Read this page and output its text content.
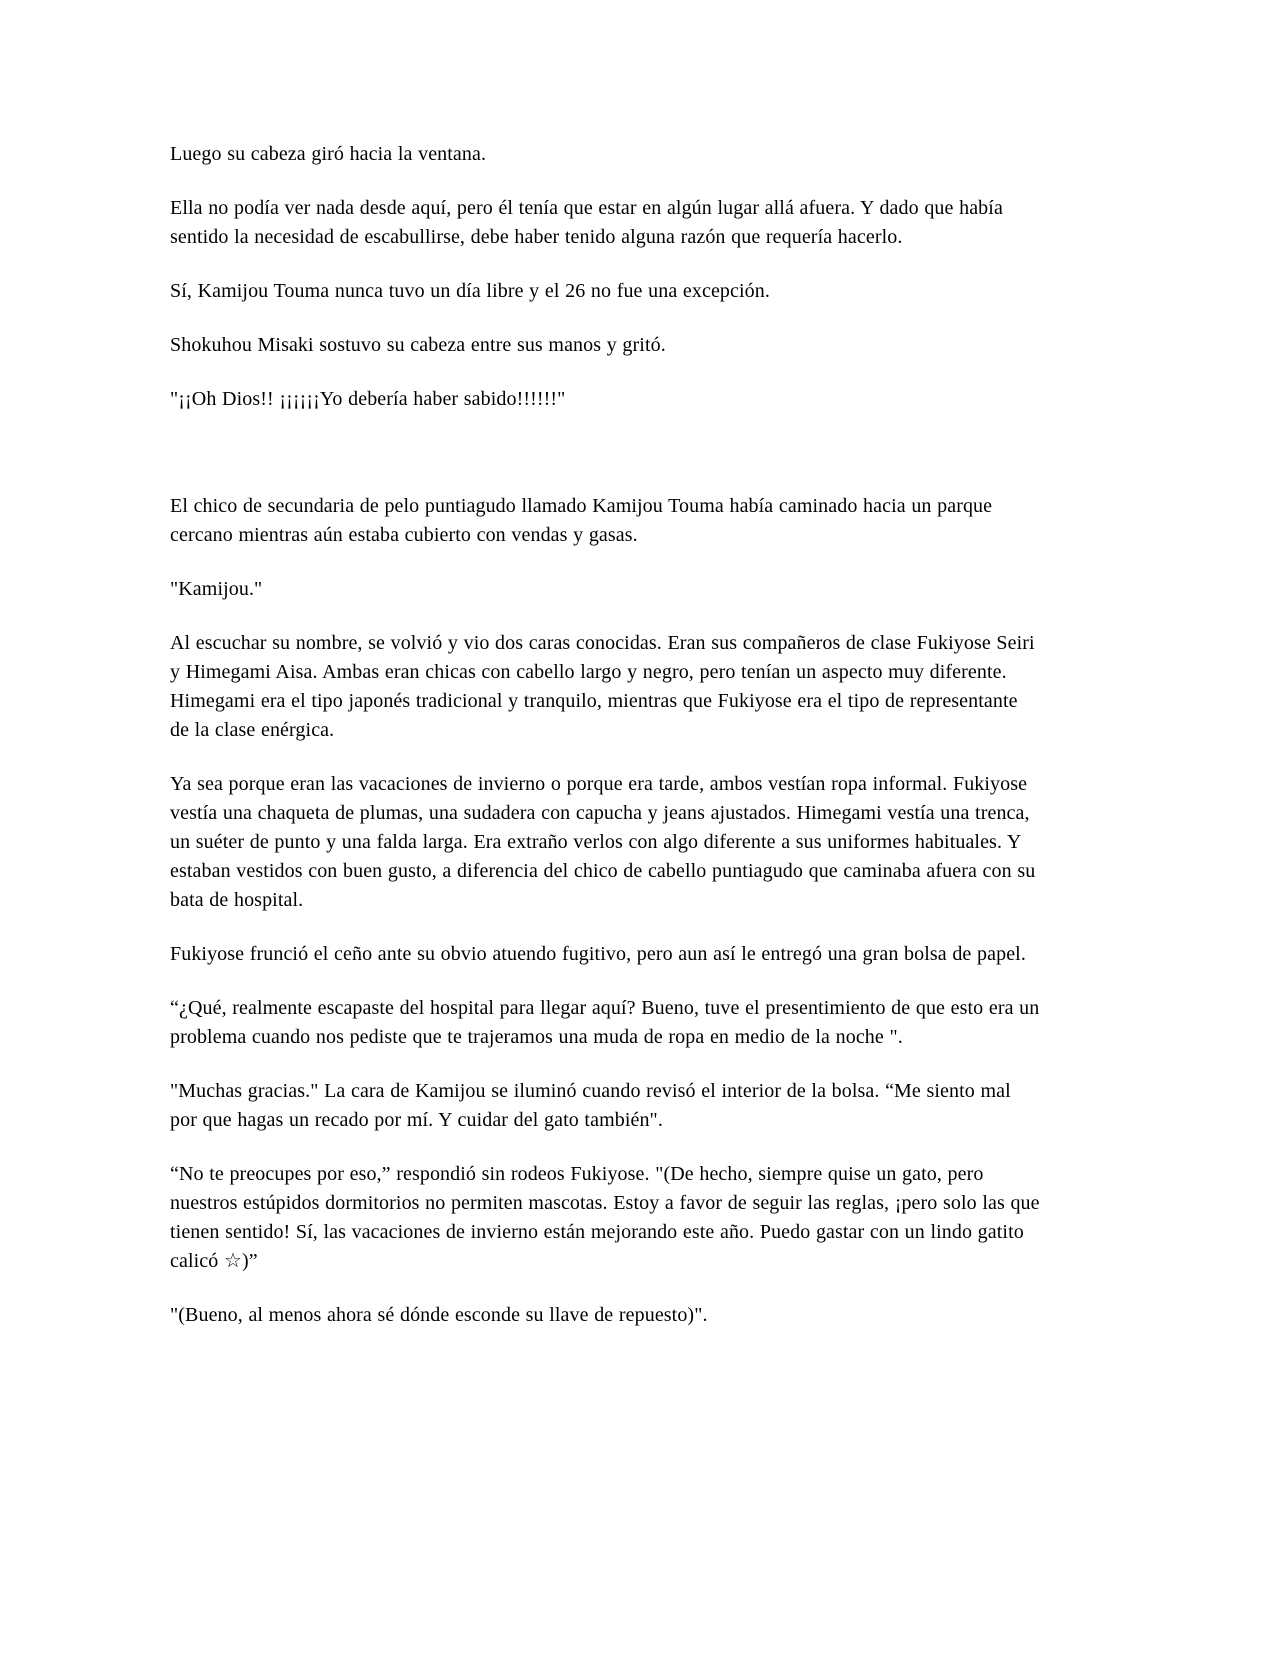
Luego su cabeza giró hacia la ventana.

Ella no podía ver nada desde aquí, pero él tenía que estar en algún lugar allá afuera. Y dado que había sentido la necesidad de escabullirse, debe haber tenido alguna razón que requería hacerlo.

Sí, Kamijou Touma nunca tuvo un día libre y el 26 no fue una excepción.

Shokuhou Misaki sostuvo su cabeza entre sus manos y gritó.

"¡¡Oh Dios!! ¡¡¡¡¡¡Yo debería haber sabido!!!!!!"

El chico de secundaria de pelo puntiagudo llamado Kamijou Touma había caminado hacia un parque cercano mientras aún estaba cubierto con vendas y gasas.

"Kamijou."

Al escuchar su nombre, se volvió y vio dos caras conocidas. Eran sus compañeros de clase Fukiyose Seiri y Himegami Aisa. Ambas eran chicas con cabello largo y negro, pero tenían un aspecto muy diferente. Himegami era el tipo japonés tradicional y tranquilo, mientras que Fukiyose era el tipo de representante de la clase enérgica.

Ya sea porque eran las vacaciones de invierno o porque era tarde, ambos vestían ropa informal. Fukiyose vestía una chaqueta de plumas, una sudadera con capucha y jeans ajustados. Himegami vestía una trenca, un suéter de punto y una falda larga. Era extraño verlos con algo diferente a sus uniformes habituales. Y estaban vestidos con buen gusto, a diferencia del chico de cabello puntiagudo que caminaba afuera con su bata de hospital.

Fukiyose frunció el ceño ante su obvio atuendo fugitivo, pero aun así le entregó una gran bolsa de papel.

“¿Qué, realmente escapaste del hospital para llegar aquí? Bueno, tuve el presentimiento de que esto era un problema cuando nos pediste que te trajeramos una muda de ropa en medio de la noche ".

"Muchas gracias." La cara de Kamijou se iluminó cuando revisó el interior de la bolsa. “Me siento mal por que hagas un recado por mí. Y cuidar del gato también".

“No te preocupes por eso,” respondió sin rodeos Fukiyose. "(De hecho, siempre quise un gato, pero nuestros estúpidos dormitorios no permiten mascotas. Estoy a favor de seguir las reglas, ¡pero solo las que tienen sentido! Sí, las vacaciones de invierno están mejorando este año. Puedo gastar con un lindo gatito calicó ☆)”

"(Bueno, al menos ahora sé dónde esconde su llave de repuesto)".
